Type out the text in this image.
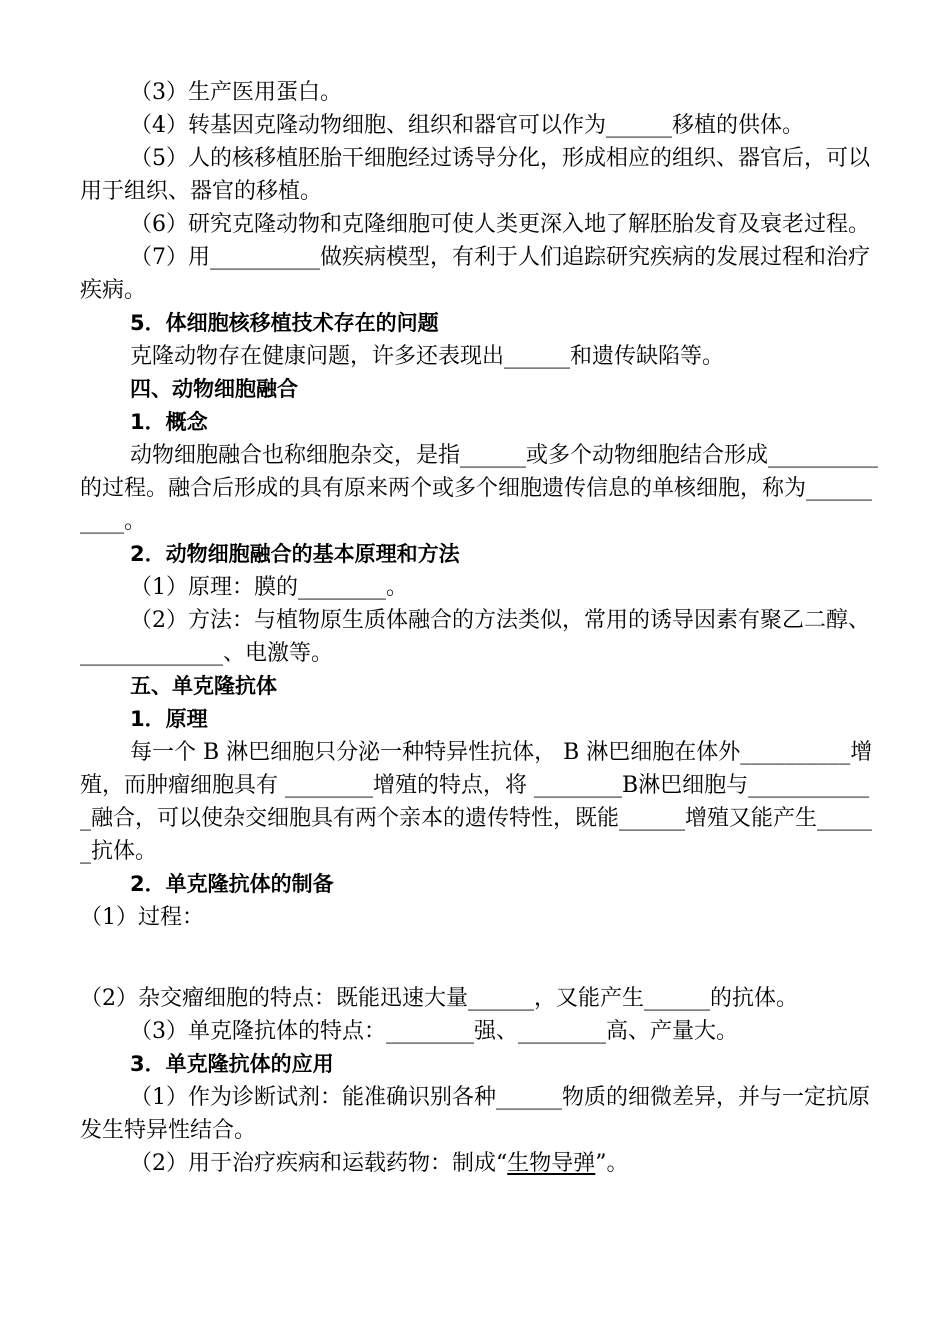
（3）生产医用蛋白。

（4）转基因克隆动物细胞、组织和器官可以作为______移植的供体。

（5）人的核移植胚胎干细胞经过诱导分化，形成相应的组织、器官后，可以用于组织、器官的移植。

（6）研究克隆动物和克隆细胞可使人类更深入地了解胚胎发育及衰老过程。

（7）用__________做疾病模型，有利于人们追踪研究疾病的发展过程和治疗疾病。

5．体细胞核移植技术存在的问题

克隆动物存在健康问题，许多还表现出______和遗传缺陷等。

四、动物细胞融合

1．概念

动物细胞融合也称细胞杂交，是指______或多个动物细胞结合形成__________的过程。融合后形成的具有原来两个或多个细胞遗传信息的单核细胞，称为__________。

2．动物细胞融合的基本原理和方法

（1）原理：膜的________。

（2）方法：与植物原生质体融合的方法类似，常用的诱导因素有聚乙二醇、_____________、电激等。

五、单克隆抗体

1．原理

每一个 B 淋巴细胞只分泌一种特异性抗体， B 淋巴细胞在体外__________增殖，而肿瘤细胞具有 ________增殖的特点，将 ________B淋巴细胞与____________融合，可以使杂交细胞具有两个亲本的遗传特性，既能______增殖又能产生______抗体。

2．单克隆抗体的制备

（1）过程：

（2）杂交瘤细胞的特点：既能迅速大量______，又能产生______的抗体。

（3）单克隆抗体的特点：________强、________高、产量大。

3．单克隆抗体的应用

（1）作为诊断试剂：能准确识别各种______物质的细微差异，并与一定抗原发生特异性结合。

（2）用于治疗疾病和运载药物：制成“生物导弹”。
